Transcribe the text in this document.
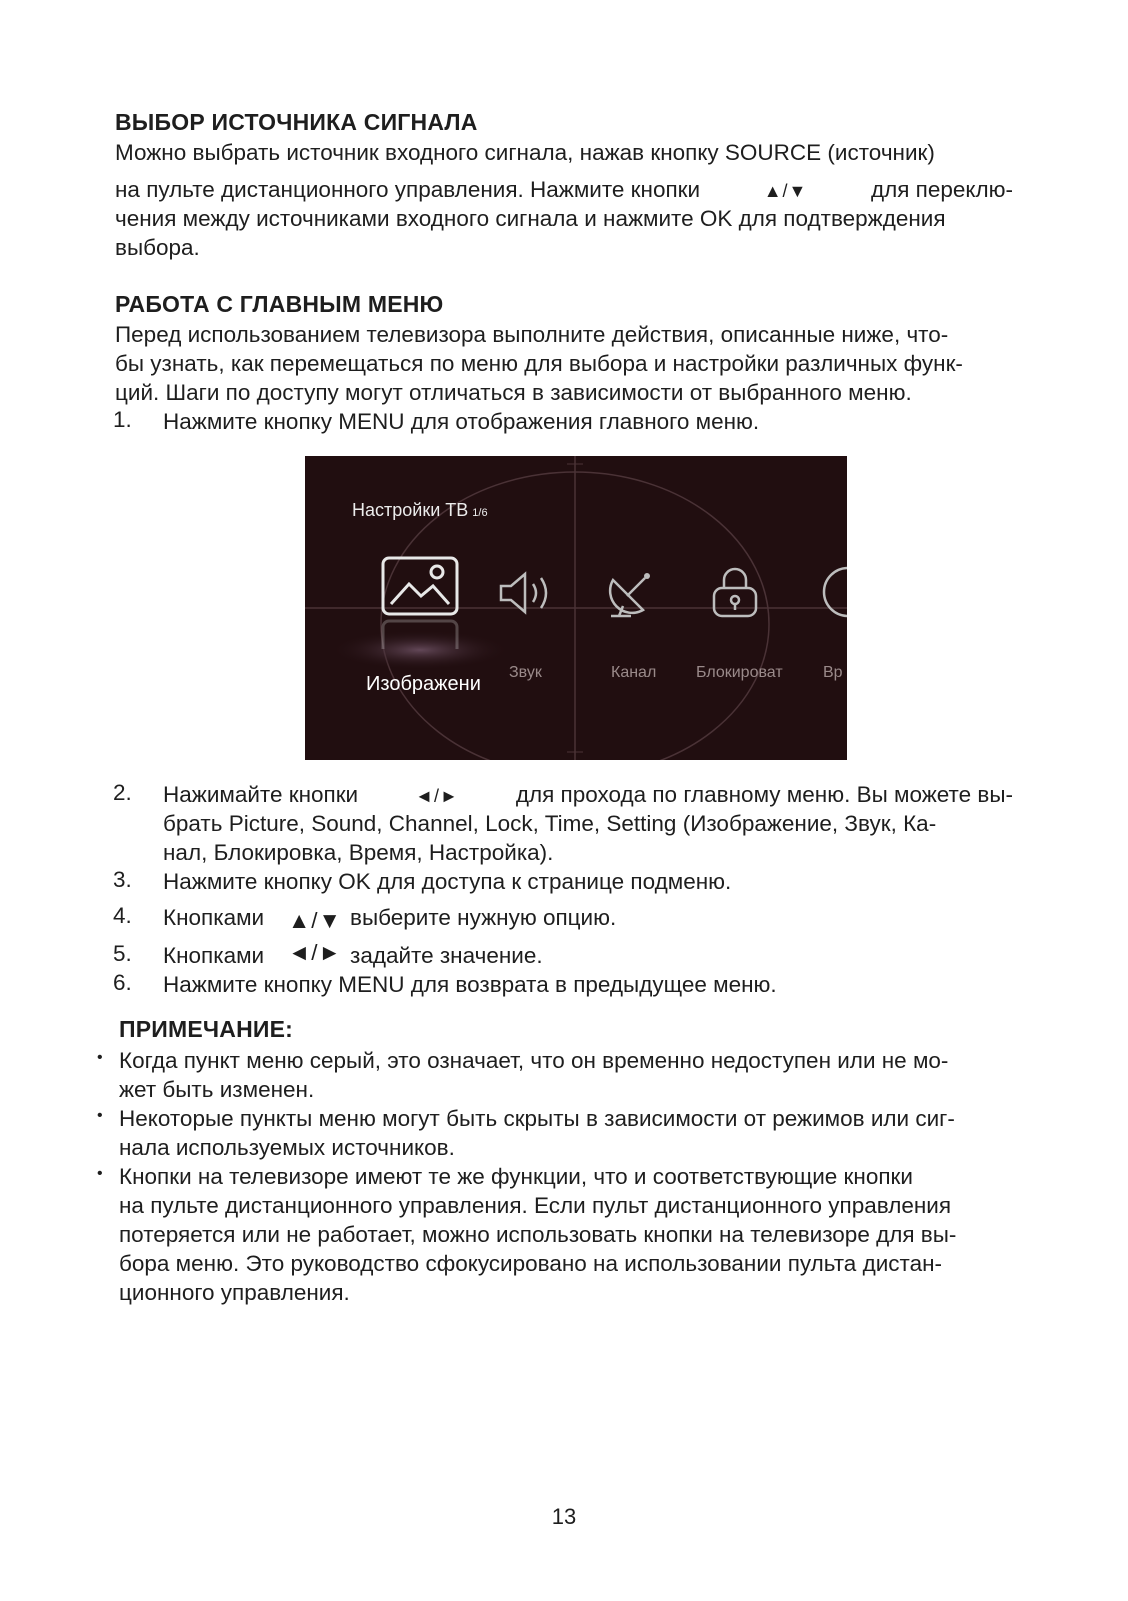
ВЫБОР ИСТОЧНИКА СИГНАЛА
Можно выбрать источник входного сигнала, нажав кнопку SOURCE (источник)
на пульте дистанционного управления. Нажмите кнопки	▲/▼	для переклю-
чения между источниками входного сигнала и нажмите OK для подтверждения
выбора.
РАБОТА С ГЛАВНЫМ МЕНЮ
Перед использованием телевизора выполните действия, описанные ниже, что-
бы узнать, как перемещаться по меню для выбора и настройки различных функ-
ций. Шаги по доступу могут отличаться в зависимости от выбранного меню.
1. Нажмите кнопку MENU для отображения главного меню.
Настройки ТВ 1/6
Изображени
Звук	Канал Блокироват	Вр
2. Нажимайте кнопки	◄/►	для прохода по главному меню. Вы можете вы-
брать Picture, Sound, Channel, Lock, Time, Setting (Изображение, Звук, Ка-
нал, Блокировка, Время, Настройка).
3. Нажмите кнопку OK для доступа к странице подменю.
4. Кнопками ▲/▼ выберите нужную опцию.
5. Кнопками ◄/► задайте значение.
6. Нажмите кнопку MENU для возврата в предыдущее меню.
ПРИМЕЧАНИЕ:
• Когда пункт меню серый, это означает, что он временно недоступен или не мо-
жет быть изменен.
• Некоторые пункты меню могут быть скрыты в зависимости от режимов или сиг-
нала используемых источников.
• Кнопки на телевизоре имеют те же функции, что и соответствующие кнопки
на пульте дистанционного управления. Если пульт дистанционного управления
потеряется или не работает, можно использовать кнопки на телевизоре для вы-
бора меню. Это руководство сфокусировано на использовании пульта дистан-
ционного управления.
13
